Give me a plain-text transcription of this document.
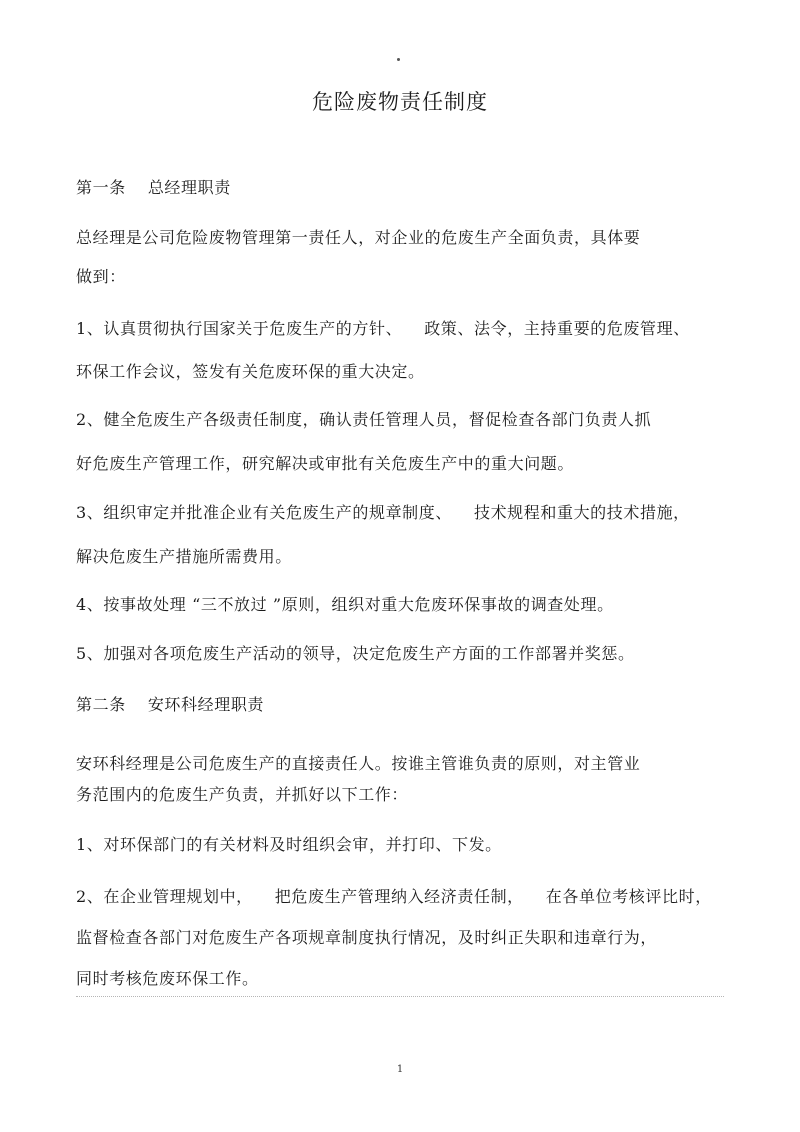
危险废物责任制度
第一条 总经理职责
总经理是公司危险废物管理第一责任人，对企业的危废生产全面负责，具体要
做到：
1、认真贯彻执行国家关于危废生产的方针、 政策、法令，主持重要的危废管理、
环保工作会议，签发有关危废环保的重大决定。
2、健全危废生产各级责任制度，确认责任管理人员，督促检查各部门负责人抓
好危废生产管理工作，研究解决或审批有关危废生产中的重大问题。
3、组织审定并批准企业有关危废生产的规章制度、 技术规程和重大的技术措施，
解决危废生产措施所需费用。
4、按事故处理 “三不放过 ”原则，组织对重大危废环保事故的调查处理。
5、加强对各项危废生产活动的领导，决定危废生产方面的工作部署并奖惩。
第二条 安环科经理职责
安环科经理是公司危废生产的直接责任人。按谁主管谁负责的原则，对主管业
务范围内的危废生产负责，并抓好以下工作：
1、对环保部门的有关材料及时组织会审，并打印、下发。
2、在企业管理规划中， 把危废生产管理纳入经济责任制， 在各单位考核评比时，
监督检查各部门对危废生产各项规章制度执行情况，及时纠正失职和违章行为，
同时考核危废环保工作。
1
